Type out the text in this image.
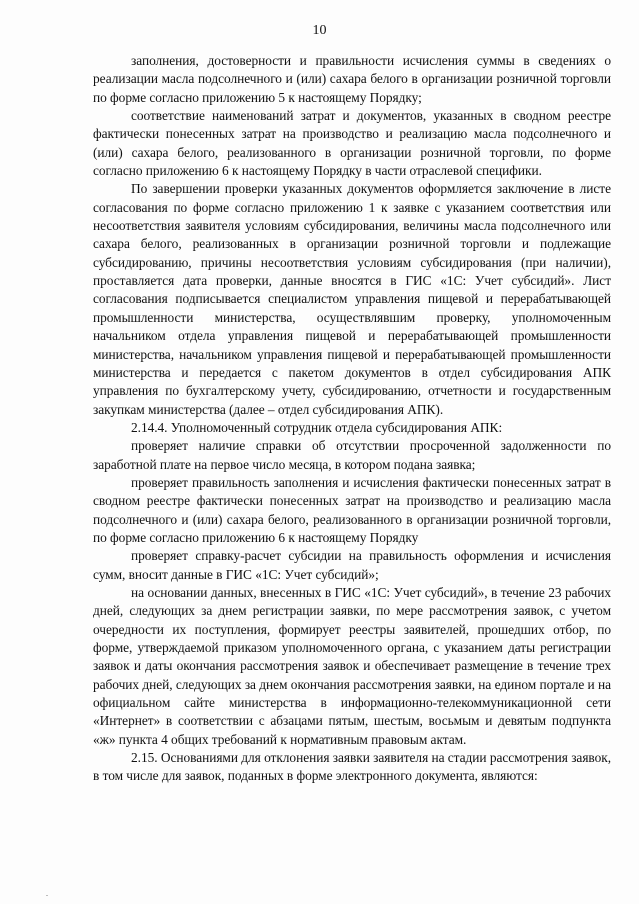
10

заполнения, достоверности и правильности исчисления суммы в сведениях о реализации масла подсолнечного и (или) сахара белого в организации розничной торговли по форме согласно приложению 5 к настоящему Порядку;

соответствие наименований затрат и документов, указанных в сводном реестре фактически понесенных затрат на производство и реализацию масла подсолнечного и (или) сахара белого, реализованного в организации розничной торговли, по форме согласно приложению 6 к настоящему Порядку в части отраслевой специфики.

По завершении проверки указанных документов оформляется заключение в листе согласования по форме согласно приложению 1 к заявке с указанием соответствия или несоответствия заявителя условиям субсидирования, величины масла подсолнечного или сахара белого, реализованных в организации розничной торговли и подлежащие субсидированию, причины несоответствия условиям субсидирования (при наличии), проставляется дата проверки, данные вносятся в ГИС «1С: Учет субсидий». Лист согласования подписывается специалистом управления пищевой и перерабатывающей промышленности министерства, осуществлявшим проверку, уполномоченным начальником отдела управления пищевой и перерабатывающей промышленности министерства, начальником управления пищевой и перерабатывающей промышленности министерства и передается с пакетом документов в отдел субсидирования АПК управления по бухгалтерскому учету, субсидированию, отчетности и государственным закупкам министерства (далее – отдел субсидирования АПК).

2.14.4. Уполномоченный сотрудник отдела субсидирования АПК:

проверяет наличие справки об отсутствии просроченной задолженности по заработной плате на первое число месяца, в котором подана заявка;

проверяет правильность заполнения и исчисления фактически понесенных затрат в сводном реестре фактически понесенных затрат на производство и реализацию масла подсолнечного и (или) сахара белого, реализованного в организации розничной торговли, по форме согласно приложению 6 к настоящему Порядку

проверяет справку-расчет субсидии на правильность оформления и исчисления сумм, вносит данные в ГИС «1С: Учет субсидий»;

на основании данных, внесенных в ГИС «1С: Учет субсидий», в течение 23 рабочих дней, следующих за днем регистрации заявки, по мере рассмотрения заявок, с учетом очередности их поступления, формирует реестры заявителей, прошедших отбор, по форме, утверждаемой приказом уполномоченного органа, с указанием даты регистрации заявок и даты окончания рассмотрения заявок и обеспечивает размещение в течение трех рабочих дней, следующих за днем окончания рассмотрения заявки, на едином портале и на официальном сайте министерства в информационно-телекоммуникационной сети «Интернет» в соответствии с абзацами пятым, шестым, восьмым и девятым подпункта «ж» пункта 4 общих требований к нормативным правовым актам.

2.15. Основаниями для отклонения заявки заявителя на стадии рассмотрения заявок, в том числе для заявок, поданных в форме электронного документа, являются:
